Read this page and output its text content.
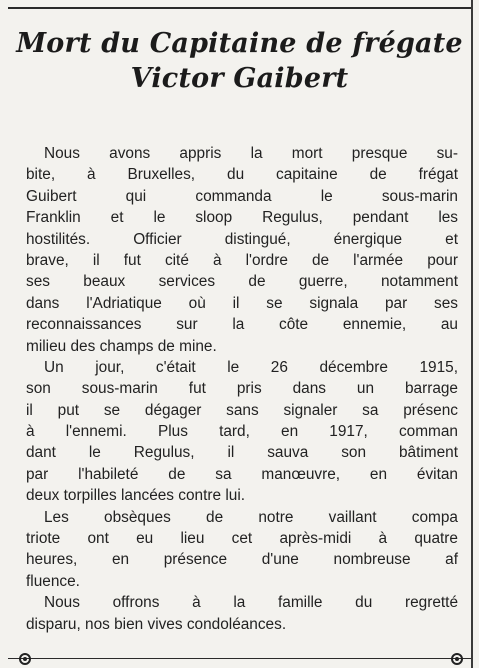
Mort du Capitaine de frégate
Victor Gaibert
Nous avons appris la mort presque su-
bite, à Bruxelles, du capitaine de frégat
Guibert qui commanda le sous-marin
Franklin et le sloop Regulus, pendant les
hostilités. Officier distingué, énergique et
brave, il fut cité à l'ordre de l'armée pour
ses beaux services de guerre, notamment
dans l'Adriatique où il se signala par ses
reconnaissances sur la côte ennemie, au
milieu des champs de mine.
Un jour, c'était le 26 décembre 1915,
son sous-marin fut pris dans un barrage
il put se dégager sans signaler sa présenc
à l'ennemi. Plus tard, en 1917, comman
dant le Regulus, il sauva son bâtiment
par l'habileté de sa manœuvre, en évitan
deux torpilles lancées contre lui.
Les obsèques de notre vaillant compa
triote ont eu lieu cet après-midi à quatre
heures, en présence d'une nombreuse af
fluence.
Nous offrons à la famille du regretté
disparu, nos bien vives condoléances.
